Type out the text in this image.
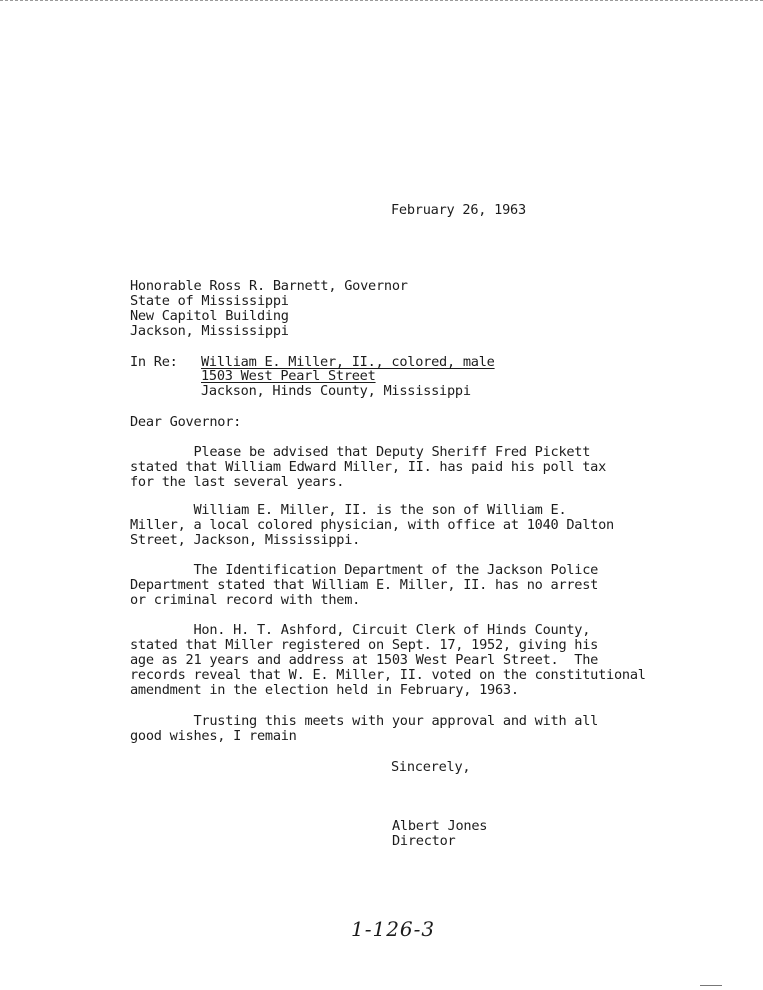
February 26, 1963
Honorable Ross R. Barnett, Governor
State of Mississippi
New Capitol Building
Jackson, Mississippi
In Re: William E. Miller, II., colored, male
1503 West Pearl Street
Jackson, Hinds County, Mississippi
Dear Governor:
Please be advised that Deputy Sheriff Fred Pickett
stated that William Edward Miller, II. has paid his poll tax
for the last several years.
William E. Miller, II. is the son of William E.
Miller, a local colored physician, with office at 1040 Dalton
Street, Jackson, Mississippi.
The Identification Department of the Jackson Police
Department stated that William E. Miller, II. has no arrest
or criminal record with them.
Hon. H. T. Ashford, Circuit Clerk of Hinds County,
stated that Miller registered on Sept. 17, 1952, giving his
age as 21 years and address at 1503 West Pearl Street.  The
records reveal that W. E. Miller, II. voted on the constitutional
amendment in the election held in February, 1963.
Trusting this meets with your approval and with all
good wishes, I remain
Sincerely,
Albert Jones
Director
1-126-3
